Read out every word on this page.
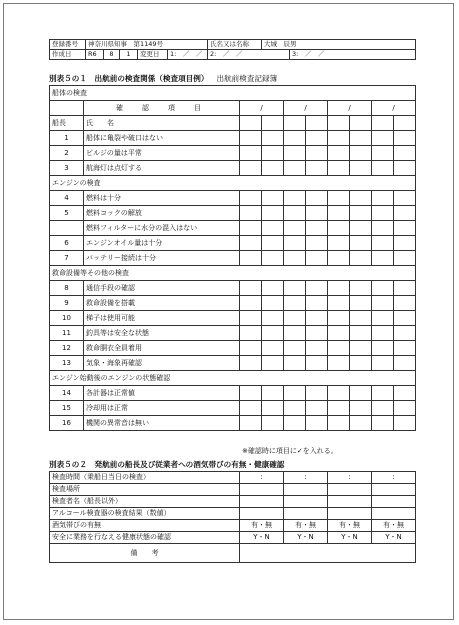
登録番号	神奈川県知事　第1149号					氏名又は名称	大城　辰男	
作成日	R6	8	1	変更日	1:　 ／　 ／	2:　 ／　 ／		3:　 ／　 ／
別表５の１　出航前の検査関係（検査項目例） 出航前検査記録簿
船体の検査									
	確　認　項　目	/		/		/		/	
船長	氏　　名								
1	船体に亀裂や破口はない								
2	ビルジの量は平常								
3	航海灯は点灯する								
エンジンの検査									
4	燃料は十分								
5	燃料コックの解放								
	燃料フィルターに水分の混入はない								
6	エンジンオイル量は十分								
7	バッテリー接続は十分								
救命設備等その他の検査									
8	通信手段の確認								
9	救命設備を搭載								
10	梯子は使用可能								
11	釣具等は安全な状態								
12	救命胴衣全員着用								
13	気象・海象再確認								
エンジン始動後のエンジンの状態確認									
14	各計器は正常値								
15	冷却用は正常								
16	機関の異常音は無い								
※確認時に項目に✓を入れる。
別表５の２　発航前の船長及び従業者への酒気帯びの有無・健康確認
検査時間（乗船日当日の検査）	:	:	:	:
検査場所				
検査者名（船長以外）				
アルコール検査器の検査結果（数値）				
酒気帯びの有無	有・無	有・無	有・無	有・無
安全に業務を行なえる健康状態の確認	Y・N	Y・N	Y・N	Y・N
備　　考				
